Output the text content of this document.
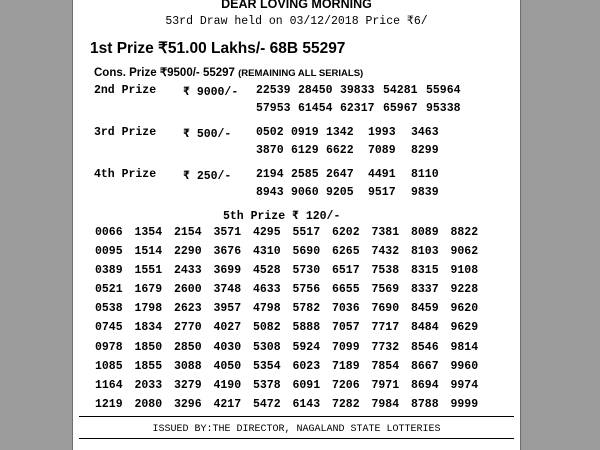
DEAR LOVING MORNING
53rd Draw held on 03/12/2018 Price ₹6/
1st Prize ₹51.00 Lakhs/- 68B 55297
Cons. Prize ₹9500/- 55297 (REMAINING ALL SERIALS)
2nd Prize ₹ 9000/- 22539 28450 39833 54281 55964
57953 61454 62317 65967 95338
3rd Prize ₹ 500/- 0502 0919 1342 1993 3463
3870 6129 6622 7089 8299
4th Prize ₹ 250/- 2194 2585 2647 4491 8110
8943 9060 9205 9517 9839
5th Prize ₹ 120/-
0066	1354	2154	3571	4295	5517	6202	7381	8089	8822
0095	1514	2290	3676	4310	5690	6265	7432	8103	9062
0389	1551	2433	3699	4528	5730	6517	7538	8315	9108
0521	1679	2600	3748	4633	5756	6655	7569	8337	9228
0538	1798	2623	3957	4798	5782	7036	7690	8459	9620
0745	1834	2770	4027	5082	5888	7057	7717	8484	9629
0978	1850	2850	4030	5308	5924	7099	7732	8546	9814
1085	1855	3088	4050	5354	6023	7189	7854	8667	9960
1164	2033	3279	4190	5378	6091	7206	7971	8694	9974
1219	2080	3296	4217	5472	6143	7282	7984	8788	9999
ISSUED BY:THE DIRECTOR, NAGALAND STATE LOTTERIES
